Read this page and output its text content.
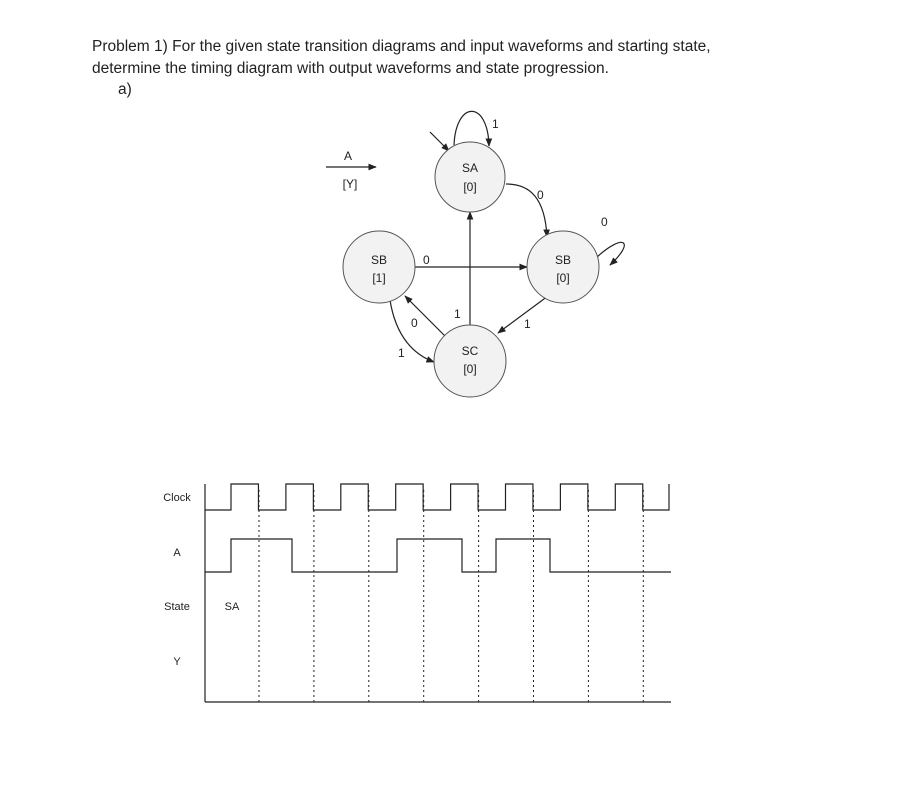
Problem 1) For the given state transition diagrams and input waveforms and starting state,

determine the timing diagram with output waveforms and state progression.

a)
A
[Y]
1
0
0
0
1
1
0
1
SA
[0]
SB
[1]
SB
[0]
SC
[0]
Clock
A
State
Y
SA
